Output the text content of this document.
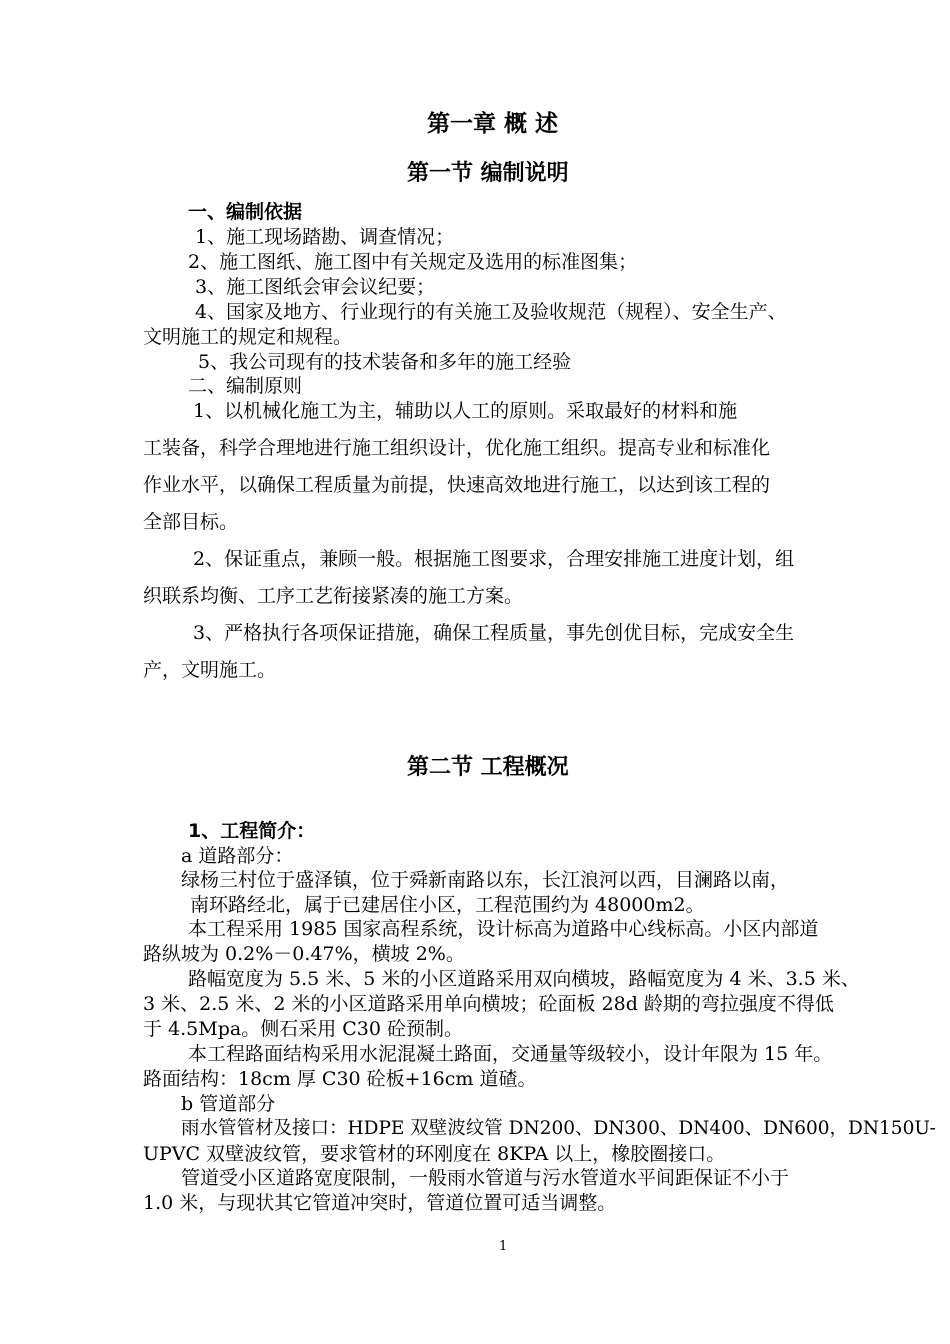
第一章 概 述
第一节 编制说明
一、编制依据
1、施工现场踏勘、调查情况；
2、施工图纸、施工图中有关规定及选用的标准图集；
3、施工图纸会审会议纪要；
4、国家及地方、行业现行的有关施工及验收规范（规程）、安全生产、
文明施工的规定和规程。
5、我公司现有的技术装备和多年的施工经验
二、编制原则
1、以机械化施工为主，辅助以人工的原则。采取最好的材料和施
工装备，科学合理地进行施工组织设计，优化施工组织。提高专业和标准化
作业水平，以确保工程质量为前提，快速高效地进行施工，以达到该工程的
全部目标。
2、保证重点，兼顾一般。根据施工图要求，合理安排施工进度计划，组
织联系均衡、工序工艺衔接紧凑的施工方案。
3、严格执行各项保证措施，确保工程质量，事先创优目标，完成安全生
产，文明施工。
第二节 工程概况
1、工程简介：
a 道路部分：
绿杨三村位于盛泽镇，位于舜新南路以东，长江浪河以西，目澜路以南，
南环路经北，属于已建居住小区，工程范围约为 48000m2。
本工程采用 1985 国家高程系统，设计标高为道路中心线标高。小区内部道
路纵坡为 0.2%－0.47%，横坡 2%。
路幅宽度为 5.5 米、5 米的小区道路采用双向横坡，路幅宽度为 4 米、3.5 米、
3 米、2.5 米、2 米的小区道路采用单向横坡；砼面板 28d 龄期的弯拉强度不得低
于 4.5Mpa。侧石采用 C30 砼预制。
本工程路面结构采用水泥混凝土路面，交通量等级较小，设计年限为 15 年。
路面结构：18cm 厚 C30 砼板+16cm 道碴。
b 管道部分
雨水管管材及接口：HDPE 双壁波纹管 DN200、DN300、DN400、DN600，DN150U-
UPVC 双壁波纹管，要求管材的环刚度在 8KPA 以上，橡胶圈接口。
管道受小区道路宽度限制，一般雨水管道与污水管道水平间距保证不小于
1.0 米，与现状其它管道冲突时，管道位置可适当调整。
1
